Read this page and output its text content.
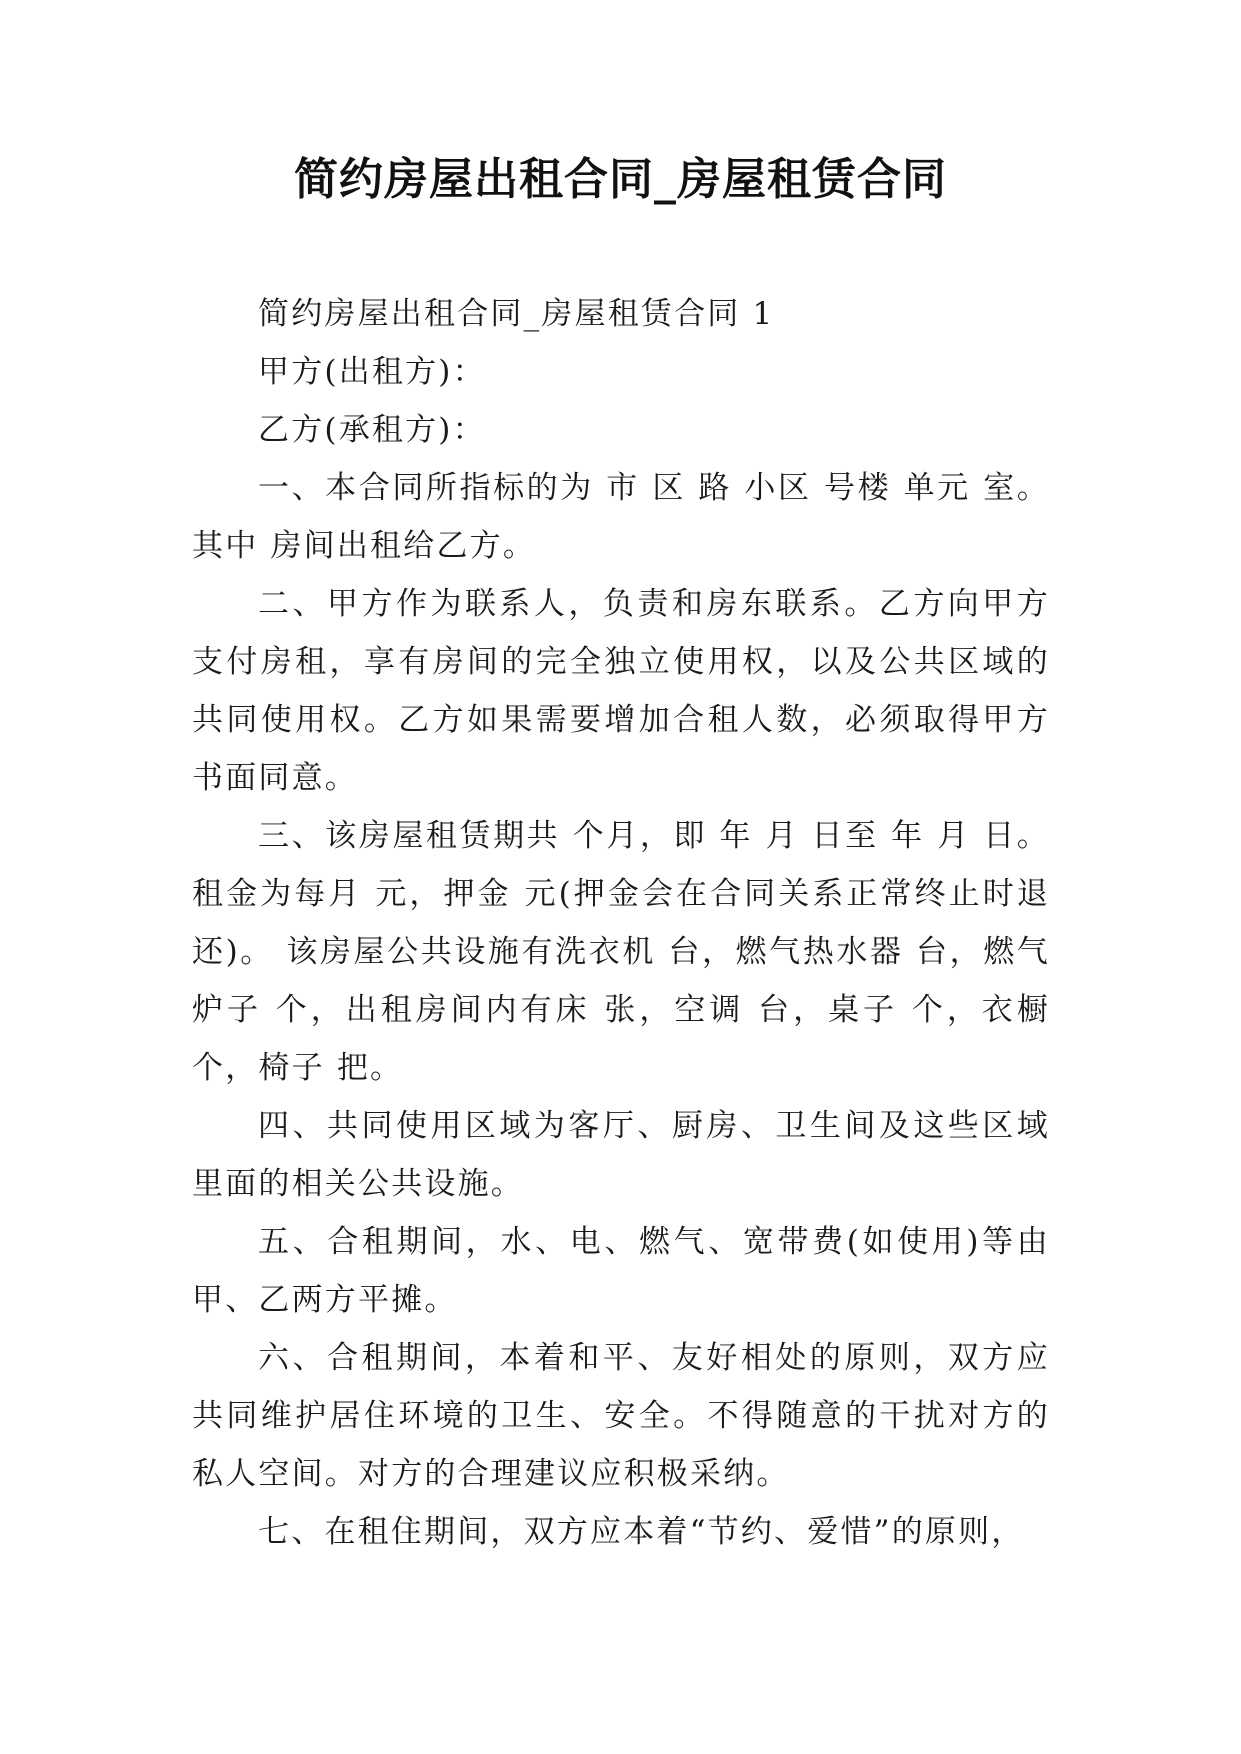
简约房屋出租合同_房屋租赁合同

简约房屋出租合同_房屋租赁合同 1

甲方(出租方)：

乙方(承租方)：

一、本合同所指标的为 市 区 路 小区 号楼 单元 室。其中 房间出租给乙方。

二、甲方作为联系人，负责和房东联系。乙方向甲方支付房租，享有房间的完全独立使用权，以及公共区域的共同使用权。乙方如果需要增加合租人数，必须取得甲方书面同意。

三、该房屋租赁期共 个月，即 年 月 日至 年 月 日。租金为每月 元，押金 元(押金会在合同关系正常终止时退还)。 该房屋公共设施有洗衣机 台，燃气热水器 台，燃气炉子 个，出租房间内有床 张，空调 台，桌子 个，衣橱 个，椅子 把。

四、共同使用区域为客厅、厨房、卫生间及这些区域里面的相关公共设施。

五、合租期间，水、电、燃气、宽带费(如使用)等由甲、乙两方平摊。

六、合租期间，本着和平、友好相处的原则，双方应共同维护居住环境的卫生、安全。不得随意的干扰对方的私人空间。对方的合理建议应积极采纳。

七、在租住期间，双方应本着“节约、爱惜”的原则，
